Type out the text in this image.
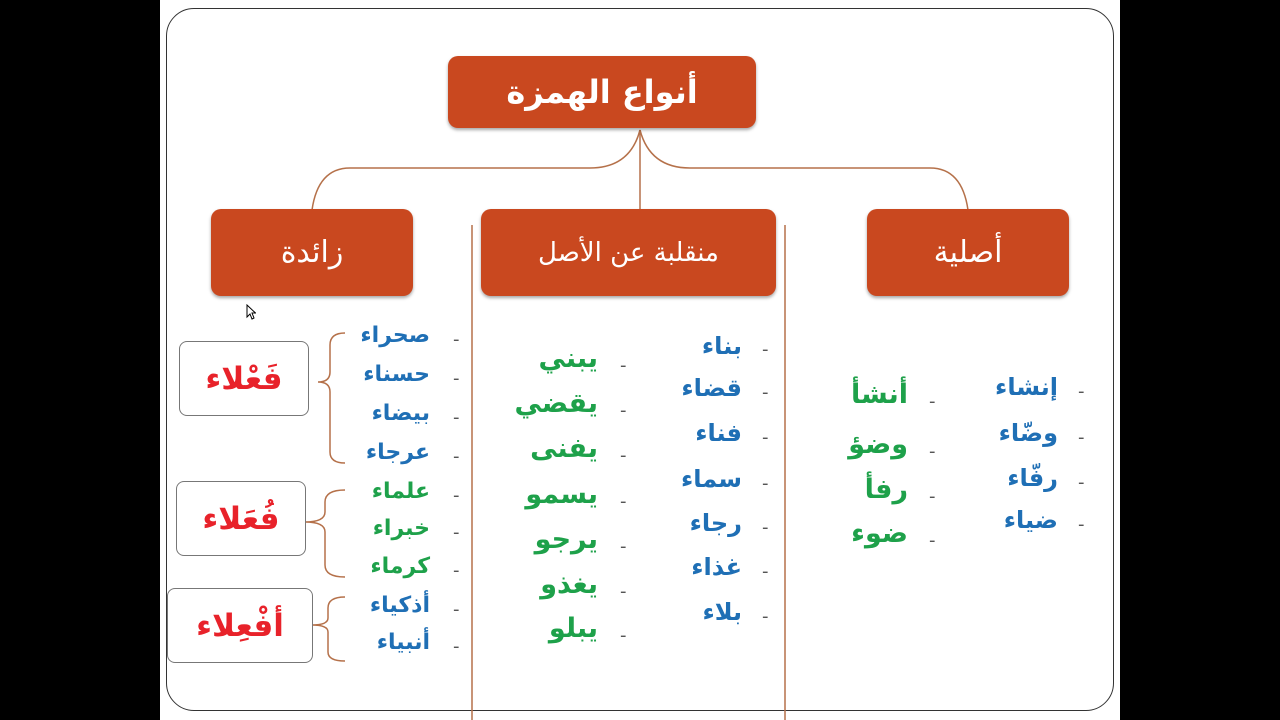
أنواع الهمزة
أصلية
منقلبة عن الأصل
زائدة
-
إنشاء
-
وضّاء
-
رفّاء
-
ضياء
-
أنشأ
-
وضؤ
-
رفأ
-
ضوء
-
بناء
-
قضاء
-
فناء
-
سماء
-
رجاء
-
غذاء
-
بلاء
-
يبني
-
يقضي
-
يفنى
-
يسمو
-
يرجو
-
يغذو
-
يبلو
-
صحراء
-
حسناء
-
بيضاء
-
عرجاء
-
علماء
-
خبراء
-
كرماء
-
أذكياء
-
أنبياء
فَعْلاء
فُعَلاء
أفْعِلاء
